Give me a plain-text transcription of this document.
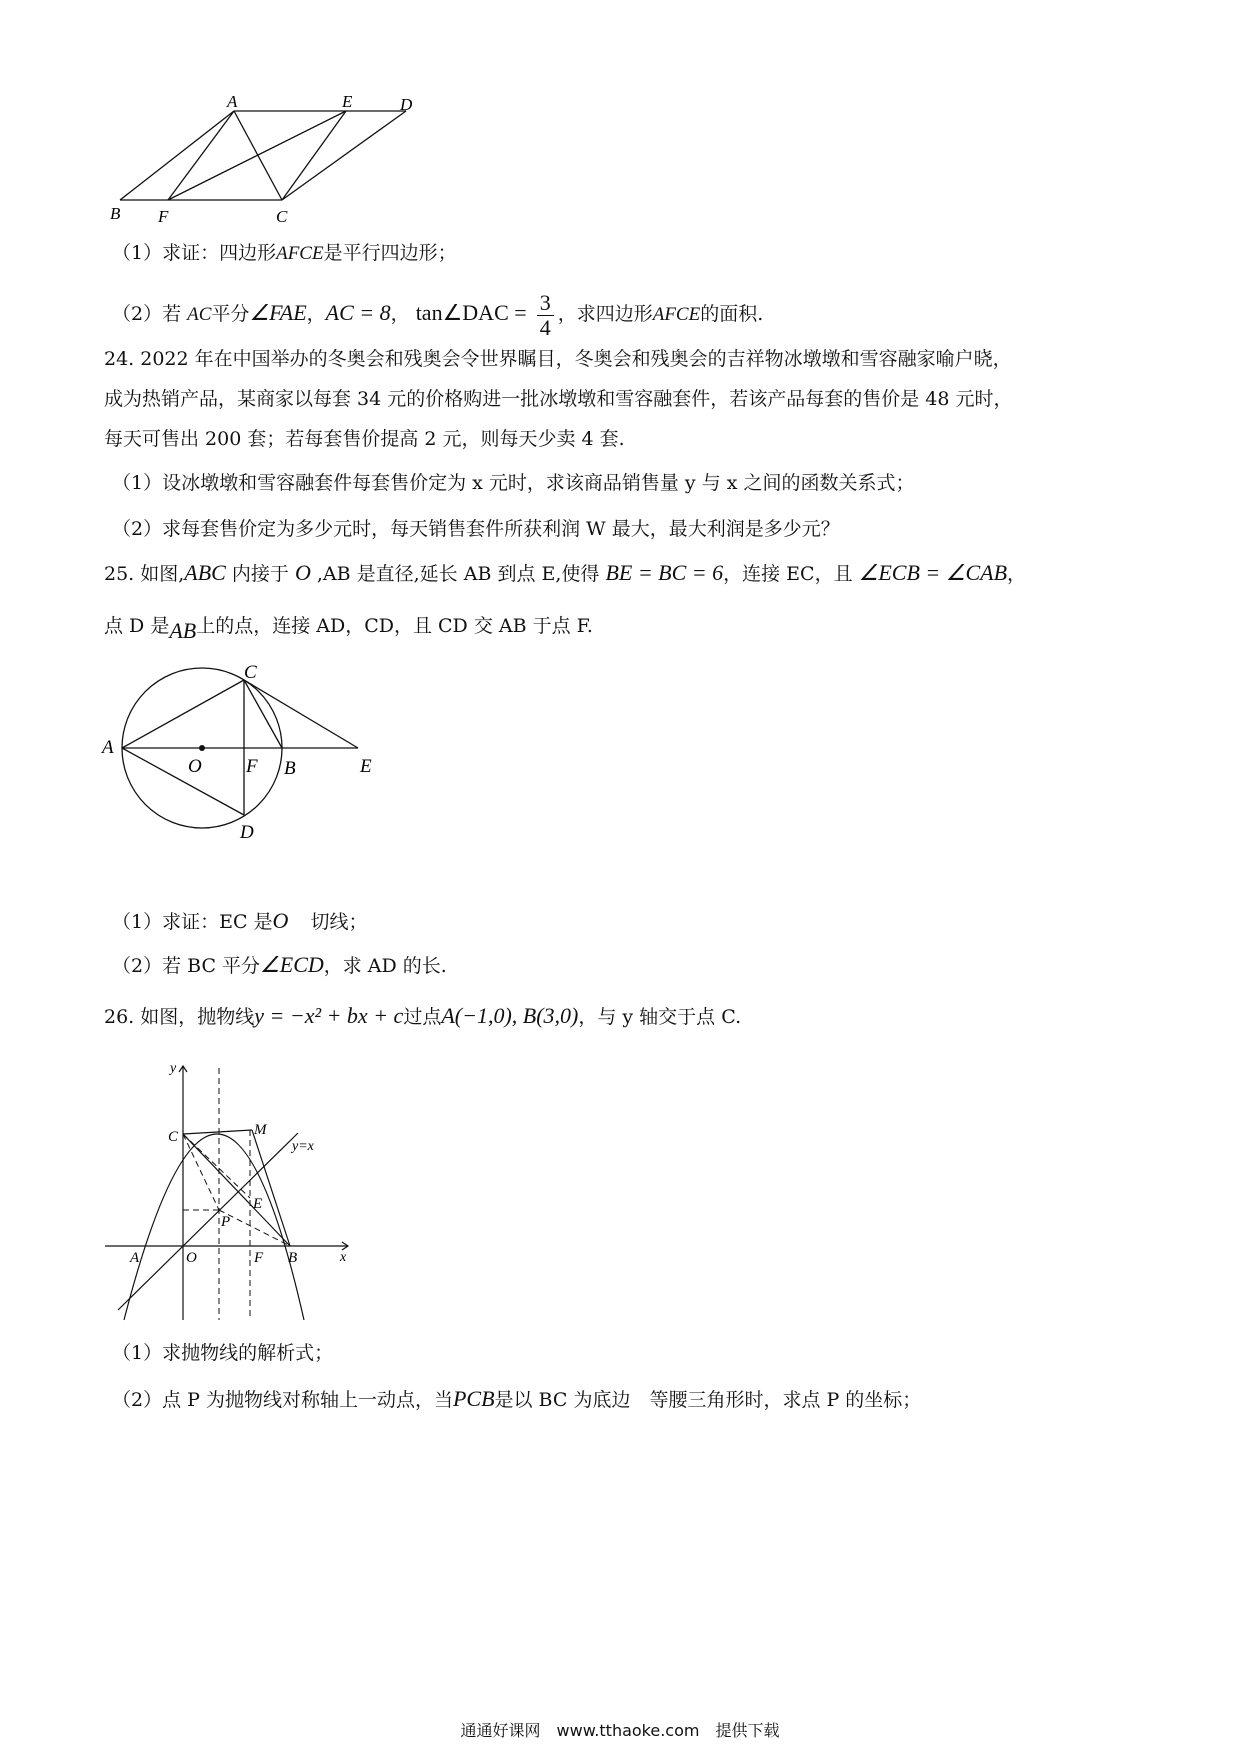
A	E	D
B F	C
（1）求证：四边形AFCE是平行四边形；
（2）若 AC平分∠FAE，AC = 8， tan∠DAC = $\frac{3}{4}$ ，求四边形AFCE的面积.
24. 2022 年在中国举办的冬奥会和残奥会令世界瞩目，冬奥会和残奥会的吉祥物冰墩墩和雪容融家喻户晓，
成为热销产品，某商家以每套 34 元的价格购进一批冰墩墩和雪容融套件，若该产品每套的售价是 48 元时，
每天可售出 200 套；若每套售价提高 2 元，则每天少卖 4 套.
（1）设冰墩墩和雪容融套件每套售价定为 x 元时，求该商品销售量 y 与 x 之间的函数关系式；
（2）求每套售价定为多少元时，每天销售套件所获利润 W 最大，最大利润是多少元？
25. 如图,ABC 内接于 O ,AB 是直径,延长 AB 到点 E,使得 BE = BC = 6，连接 EC，且 ∠ECB = ∠CAB，
点 D 是AB上的点，连接 AD，CD，且 CD 交 AB 于点 F.
C
A
O F B	E
D
（1）求证：EC 是O 切线；
（2）若 BC 平分∠ECD，求 AD 的长.
26. 如图，抛物线y = −x² + bx + c过点A(−1,0), B(3,0)，与 y 轴交于点 C.
y
x
C	M
y=x
E
P
A	O	F B
（1）求抛物线的解析式；
（2）点 P 为抛物线对称轴上一动点，当PCB是以 BC 为底边　等腰三角形时，求点 P 的坐标；
通通好课网　www.tthaoke.com　提供下载
